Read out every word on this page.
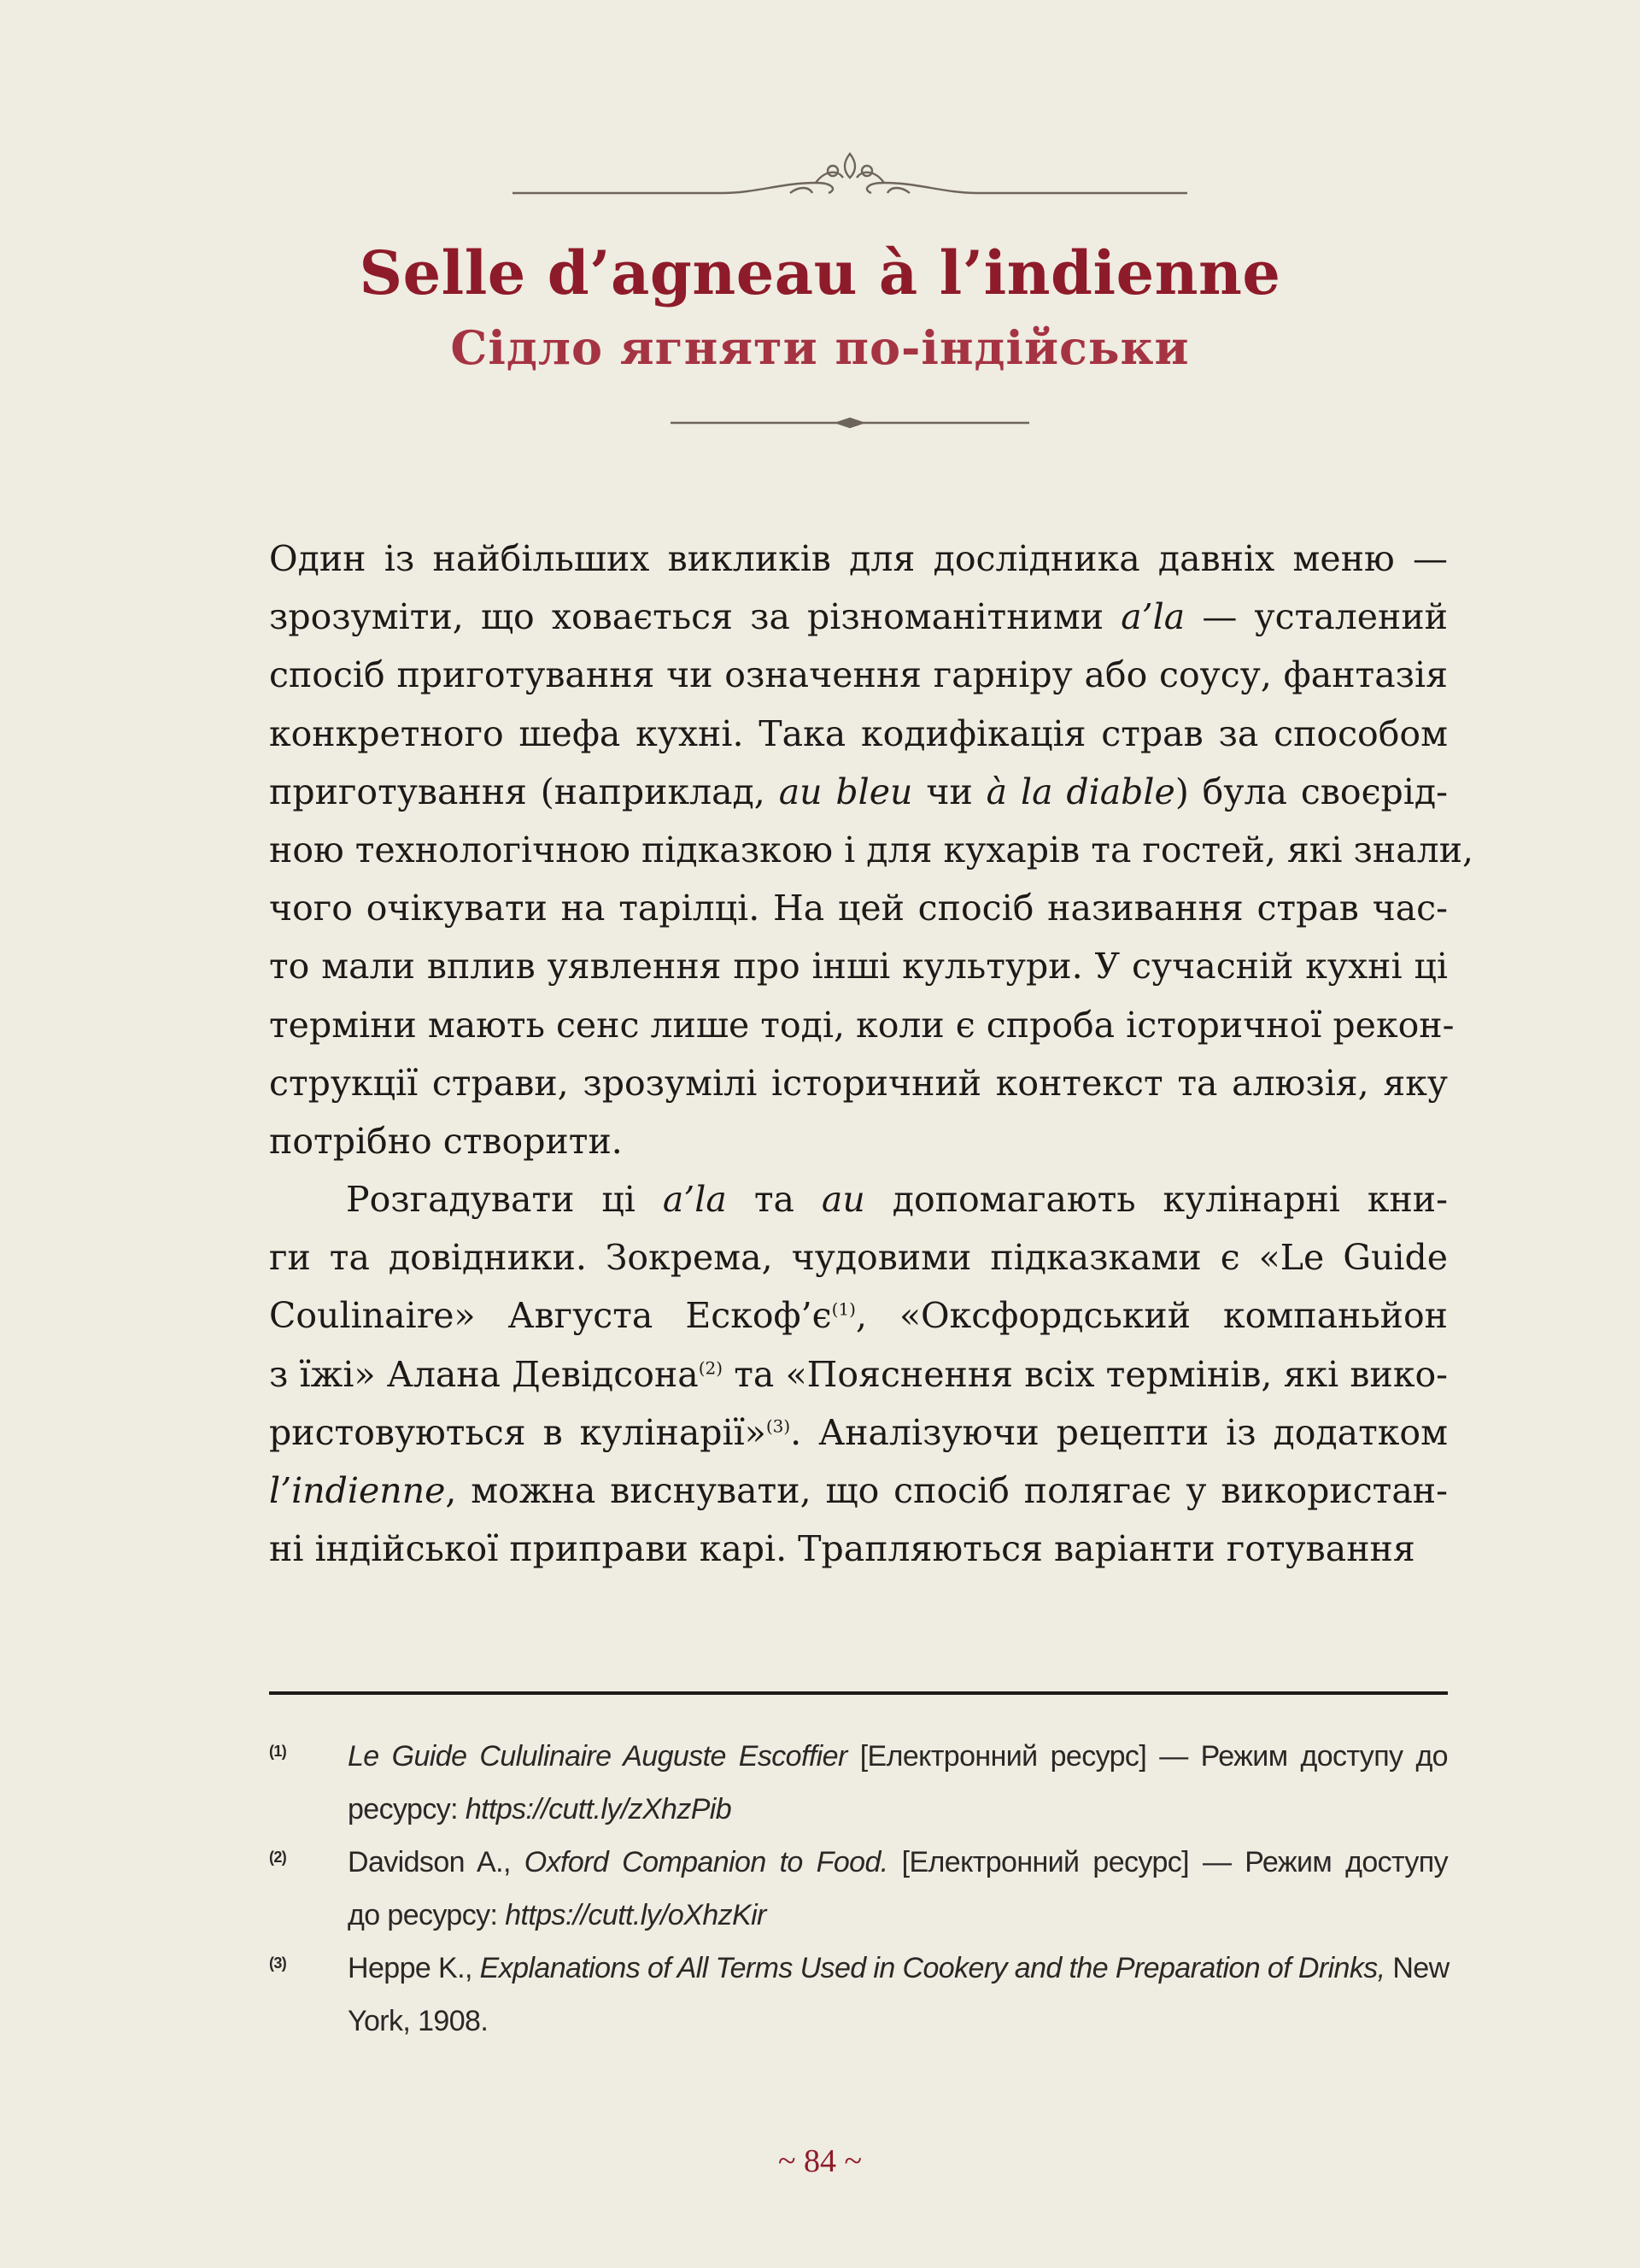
Selle d’agneau à l’indienne
Сідло ягняти по-індійськи
Один із найбільших викликів для дослідника давніх меню —
зрозуміти, що ховається за різноманітними a’la — усталений
спосіб приготування чи означення гарніру або соусу, фантазія
конкретного шефа кухні. Така кодифікація страв за способом
приготування (наприклад, au bleu чи à la diable) була своєрід-
ною технологічною підказкою і для кухарів та гостей, які знали,
чого очікувати на тарілці. На цей спосіб називання страв час-
то мали вплив уявлення про інші культури. У сучасній кухні ці
терміни мають сенс лише тоді, коли є спроба історичної рекон-
струкції страви, зрозумілі історичний контекст та алюзія, яку
потрібно створити.
Розгадувати ці a’la та au допомагають кулінарні кни-
ги та довідники. Зокрема, чудовими підказками є «Le Guide
Coulinaire» Августа Ескоф’є$^{(1)}$, «Оксфордський компаньйон
з їжі» Алана Девідсона$^{(2)}$ та «Пояснення всіх термінів, які вико-
ристовуються в кулінарії»$^{(3)}$. Аналізуючи рецепти із додатком
l’indienne, можна виснувати, що спосіб полягає у використан-
ні індійської приправи карі. Трапляються варіанти готування
(1) Le Guide Cululinaire Auguste Escoffier [Електронний ресурс] — Режим доступу до
ресурсу: https://cutt.ly/zXhzPib
(2) Davidson A., Oxford Companion to Food. [Електронний ресурс] — Режим доступу
до ресурсу: https://cutt.ly/oXhzKir
(3) Heppe K., Explanations of All Terms Used in Cookery and the Preparation of Drinks, New
York, 1908.
~ 84 ~
